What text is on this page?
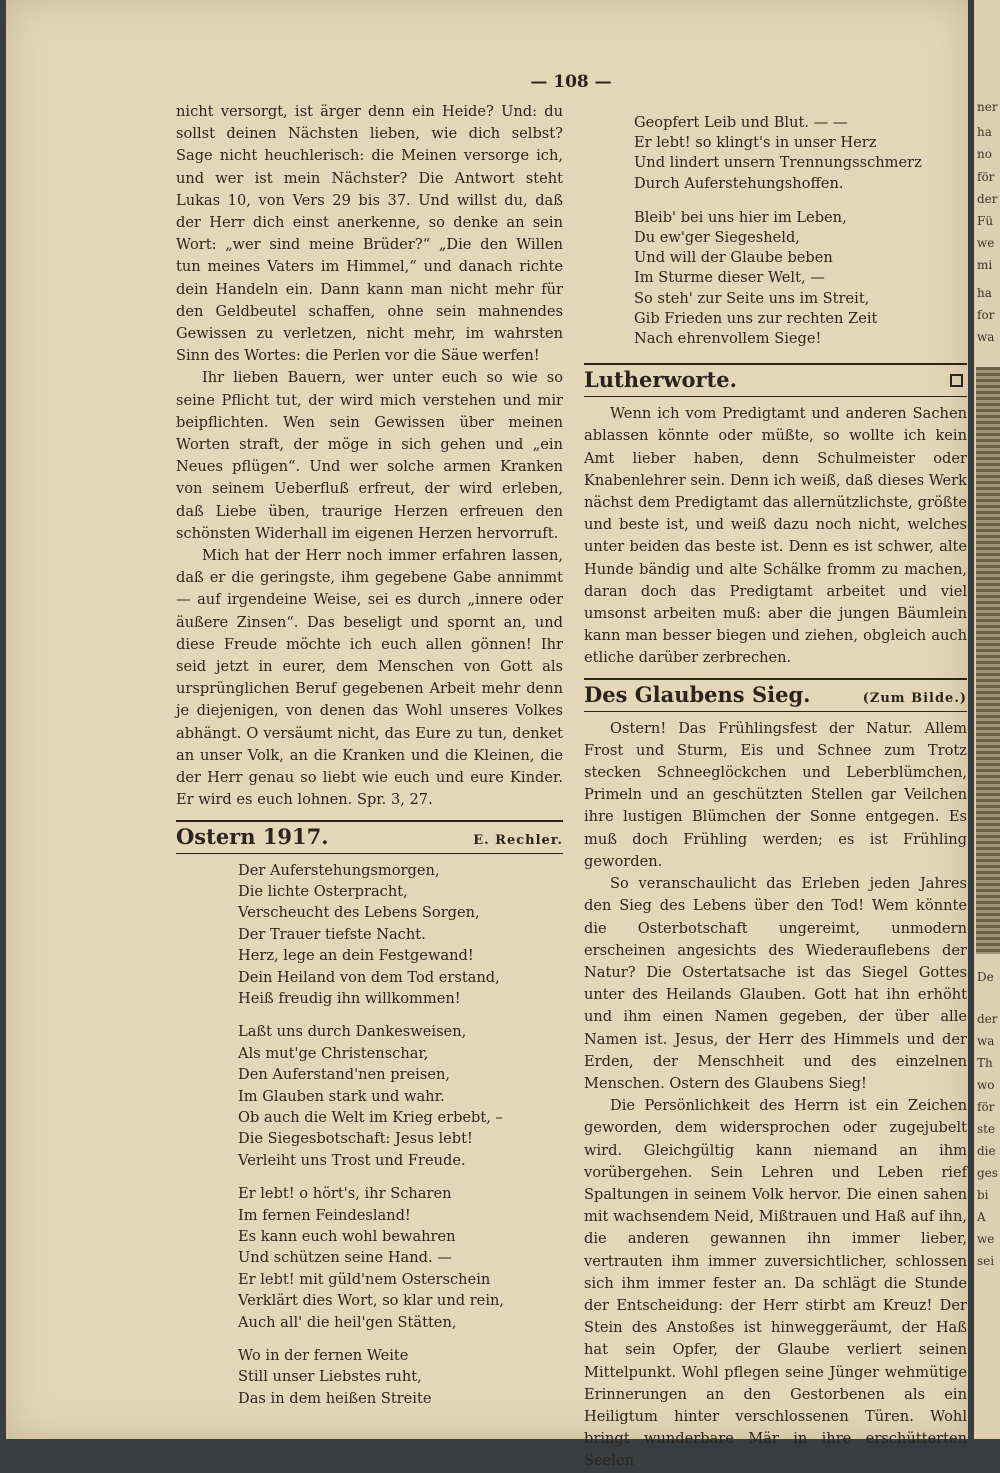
— 108 —

nicht versorgt, ist ärger denn ein Heide? Und: du sollst deinen Nächsten lieben, wie dich selbst? Sage nicht heuchlerisch: die Meinen versorge ich, und wer ist mein Nächster? Die Antwort steht Lukas 10, von Vers 29 bis 37. Und willst du, daß der Herr dich einst anerkenne, so denke an sein Wort: „wer sind meine Brüder?“ „Die den Willen tun meines Vaters im Himmel,“ und danach richte dein Handeln ein. Dann kann man nicht mehr für den Geldbeutel schaffen, ohne sein mahnendes Gewissen zu verletzen, nicht mehr, im wahrsten Sinn des Wortes: die Perlen vor die Säue werfen!

Ihr lieben Bauern, wer unter euch so wie so seine Pflicht tut, der wird mich verstehen und mir beipflichten. Wen sein Gewissen über meinen Worten straft, der möge in sich gehen und „ein Neues pflügen“. Und wer solche armen Kranken von seinem Ueberfluß erfreut, der wird erleben, daß Liebe üben, traurige Herzen erfreuen den schönsten Widerhall im eigenen Herzen hervorruft.

Mich hat der Herr noch immer erfahren lassen, daß er die geringste, ihm gegebene Gabe annimmt — auf irgendeine Weise, sei es durch „innere oder äußere Zinsen“. Das beseligt und spornt an, und diese Freude möchte ich euch allen gönnen! Ihr seid jetzt in eurer, dem Menschen von Gott als ursprünglichen Beruf gegebenen Arbeit mehr denn je diejenigen, von denen das Wohl unseres Volkes abhängt. O versäumt nicht, das Eure zu tun, denket an unser Volk, an die Kranken und die Kleinen, die der Herr genau so liebt wie euch und eure Kinder. Er wird es euch lohnen. Spr. 3, 27.

Ostern 1917.	E. Rechler.
Der Auferstehungsmorgen,
Die lichte Osterpracht,
Verscheucht des Lebens Sorgen,
Der Trauer tiefste Nacht.
Herz, lege an dein Festgewand!
Dein Heiland von dem Tod erstand,
Heiß freudig ihn willkommen!
Laßt uns durch Dankesweisen,
Als mut'ge Christenschar,
Den Auferstand'nen preisen,
Im Glauben stark und wahr.
Ob auch die Welt im Krieg erbebt, –
Die Siegesbotschaft: Jesus lebt!
Verleiht uns Trost und Freude.
Er lebt! o hört's, ihr Scharen
Im fernen Feindesland!
Es kann euch wohl bewahren
Und schützen seine Hand. —
Er lebt! mit güld'nem Osterschein
Verklärt dies Wort, so klar und rein,
Auch all' die heil'gen Stätten,
Wo in der fernen Weite
Still unser Liebstes ruht,
Das in dem heißen Streite
Geopfert Leib und Blut. — —
Er lebt! so klingt's in unser Herz
Und lindert unsern Trennungsschmerz
Durch Auferstehungshoffen.
Bleib' bei uns hier im Leben,
Du ew'ger Siegesheld,
Und will der Glaube beben
Im Sturme dieser Welt, —
So steh' zur Seite uns im Streit,
Gib Frieden uns zur rechten Zeit
Nach ehrenvollem Siege!
Lutherworte.

Wenn ich vom Predigtamt und anderen Sachen ablassen könnte oder müßte, so wollte ich kein Amt lieber haben, denn Schulmeister oder Knabenlehrer sein. Denn ich weiß, daß dieses Werk nächst dem Predigtamt das allernützlichste, größte und beste ist, und weiß dazu noch nicht, welches unter beiden das beste ist. Denn es ist schwer, alte Hunde bändig und alte Schälke fromm zu machen, daran doch das Predigtamt arbeitet und viel umsonst arbeiten muß: aber die jungen Bäumlein kann man besser biegen und ziehen, obgleich auch etliche darüber zerbrechen.

Des Glaubens Sieg.	(Zum Bilde.)

Ostern! Das Frühlingsfest der Natur. Allem Frost und Sturm, Eis und Schnee zum Trotz stecken Schneeglöckchen und Leberblümchen, Primeln und an geschützten Stellen gar Veilchen ihre lustigen Blümchen der Sonne entgegen. Es muß doch Frühling werden; es ist Frühling geworden.

So veranschaulicht das Erleben jeden Jahres den Sieg des Lebens über den Tod! Wem könnte die Osterbotschaft ungereimt, unmodern erscheinen angesichts des Wiederauflebens der Natur? Die Ostertatsache ist das Siegel Gottes unter des Heilands Glauben. Gott hat ihn erhöht und ihm einen Namen gegeben, der über alle Namen ist. Jesus, der Herr des Himmels und der Erden, der Menschheit und des einzelnen Menschen. Ostern des Glaubens Sieg!

Die Persönlichkeit des Herrn ist ein Zeichen geworden, dem widersprochen oder zugejubelt wird. Gleichgültig kann niemand an ihm vorübergehen. Sein Lehren und Leben rief Spaltungen in seinem Volk hervor. Die einen sahen mit wachsendem Neid, Mißtrauen und Haß auf ihn, die anderen gewannen ihn immer lieber, vertrauten ihm immer zuversichtlicher, schlossen sich ihm immer fester an. Da schlägt die Stunde der Entscheidung: der Herr stirbt am Kreuz! Der Stein des Anstoßes ist hinweggeräumt, der Haß hat sein Opfer, der Glaube verliert seinen Mittelpunkt. Wohl pflegen seine Jünger wehmütige Erinnerungen an den Gestorbenen als ein Heiligtum hinter verschlossenen Türen. Wohl bringt wunderbare Mär in ihre erschütterten Seelen

ner
ha
no
för
der
Fü
we
mi
ha
for
wa
De
der
wa
Th
wo
för
ste
die
ges
bi
A
we
sei
